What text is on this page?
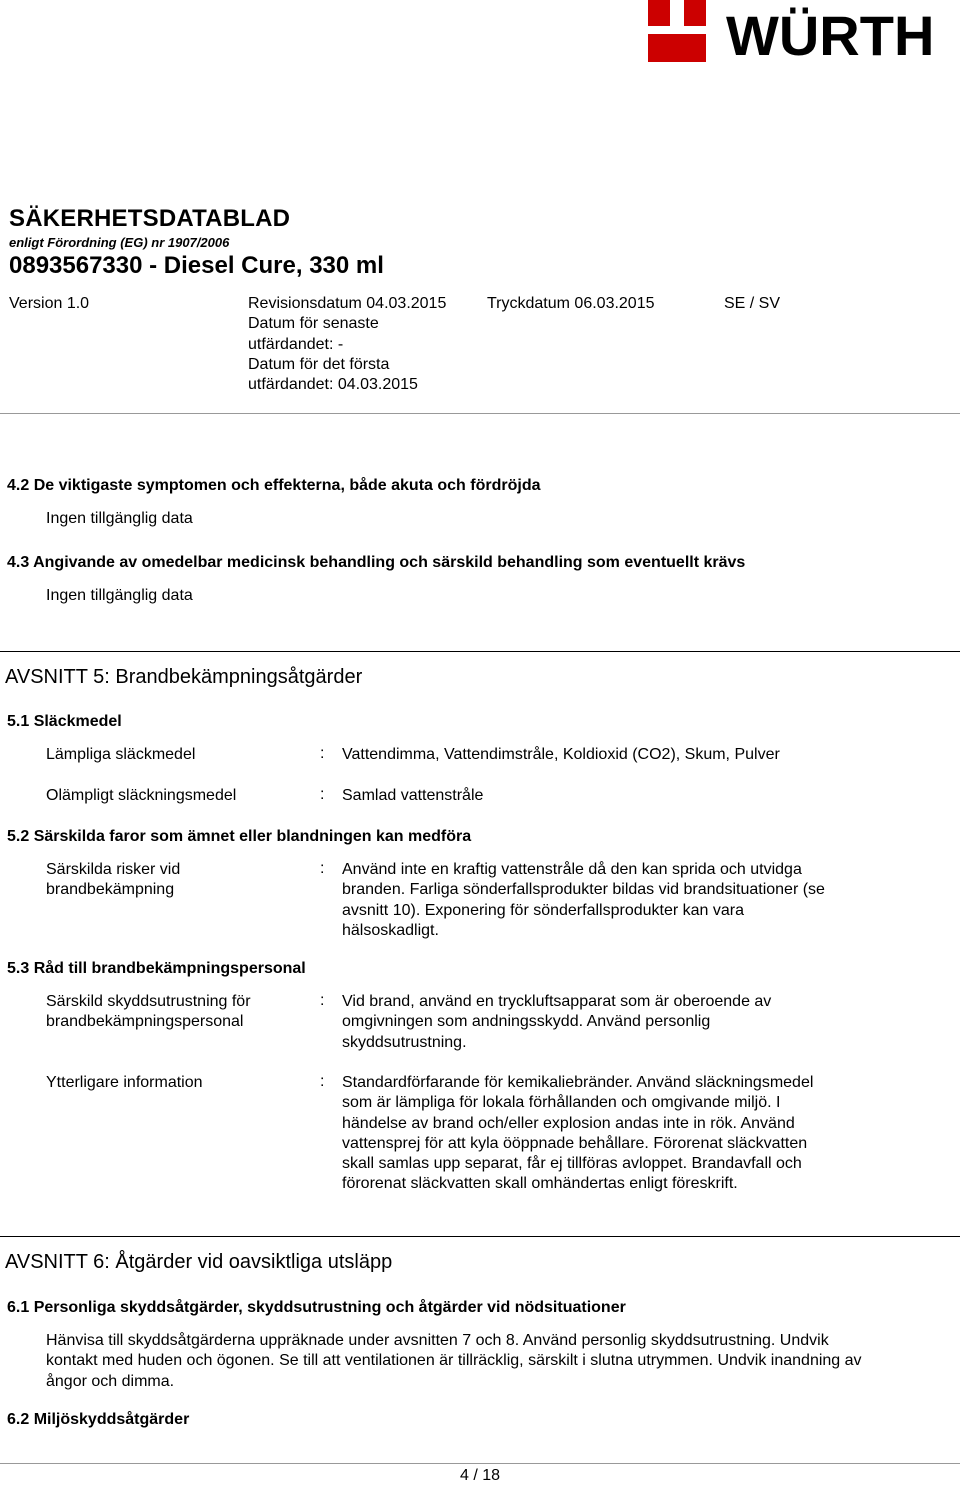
WÜRTH
SÄKERHETSDATABLAD
enligt Förordning (EG) nr 1907/2006
0893567330 - Diesel Cure, 330 ml
Version 1.0	Revisionsdatum 04.03.2015
Datum för senaste
utfärdandet: -
Datum för det första
utfärdandet: 04.03.2015
Tryckdatum 06.03.2015	SE / SV
4.2 De viktigaste symptomen och effekterna, både akuta och fördröjda
Ingen tillgänglig data
4.3 Angivande av omedelbar medicinsk behandling och särskild behandling som eventuellt krävs
Ingen tillgänglig data
AVSNITT 5: Brandbekämpningsåtgärder
5.1 Släckmedel
Lämpliga släckmedel	: Vattendimma, Vattendimstråle, Koldioxid (CO2), Skum, Pulver
Olämpligt släckningsmedel	: Samlad vattenstråle
5.2 Särskilda faror som ämnet eller blandningen kan medföra
Särskilda risker vid
brandbekämpning
: Använd inte en kraftig vattenstråle då den kan sprida och utvidga
branden. Farliga sönderfallsprodukter bildas vid brandsituationer (se
avsnitt 10). Exponering för sönderfallsprodukter kan vara
hälsoskadligt.
5.3 Råd till brandbekämpningspersonal
Särskild skyddsutrustning för
brandbekämpningspersonal
: Vid brand, använd en tryckluftsapparat som är oberoende av
omgivningen som andningsskydd. Använd personlig
skyddsutrustning.
Ytterligare information	: Standardförfarande för kemikaliebränder. Använd släckningsmedel
som är lämpliga för lokala förhållanden och omgivande miljö. I
händelse av brand och/eller explosion andas inte in rök. Använd
vattensprej för att kyla ööppnade behållare. Förorenat släckvatten
skall samlas upp separat, får ej tillföras avloppet. Brandavfall och
förorenat släckvatten skall omhändertas enligt föreskrift.
AVSNITT 6: Åtgärder vid oavsiktliga utsläpp
6.1 Personliga skyddsåtgärder, skyddsutrustning och åtgärder vid nödsituationer
Hänvisa till skyddsåtgärderna uppräknade under avsnitten 7 och 8. Använd personlig skyddsutrustning. Undvik
kontakt med huden och ögonen. Se till att ventilationen är tillräcklig, särskilt i slutna utrymmen. Undvik inandning av
ångor och dimma.
6.2 Miljöskyddsåtgärder
4 / 18
